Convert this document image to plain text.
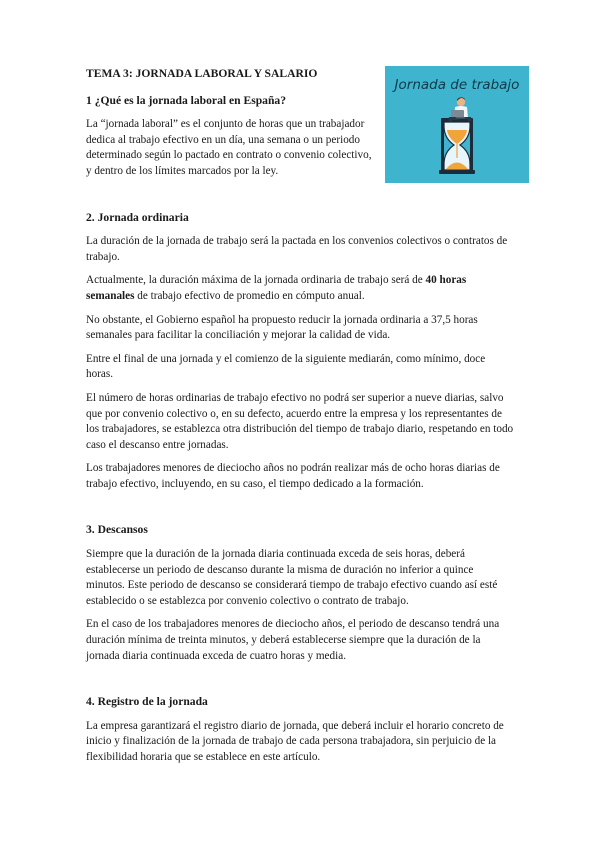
Jornada de trabajo
TEMA 3: JORNADA LABORAL Y SALARIO
1 ¿Qué es la jornada laboral en España?

La “jornada laboral” es el conjunto de horas que un trabajador dedica al trabajo efectivo en un día, una semana o un periodo determinado según lo pactado en contrato o convenio colectivo, y dentro de los límites marcados por la ley.

2. Jornada ordinaria

La duración de la jornada de trabajo será la pactada en los convenios colectivos o contratos de trabajo.

Actualmente, la duración máxima de la jornada ordinaria de trabajo será de 40 horas semanales de trabajo efectivo de promedio en cómputo anual.

No obstante, el Gobierno español ha propuesto reducir la jornada ordinaria a 37,5 horas semanales para facilitar la conciliación y mejorar la calidad de vida.

Entre el final de una jornada y el comienzo de la siguiente mediarán, como mínimo, doce horas.

El número de horas ordinarias de trabajo efectivo no podrá ser superior a nueve diarias, salvo que por convenio colectivo o, en su defecto, acuerdo entre la empresa y los representantes de los trabajadores, se establezca otra distribución del tiempo de trabajo diario, respetando en todo caso el descanso entre jornadas.

Los trabajadores menores de dieciocho años no podrán realizar más de ocho horas diarias de trabajo efectivo, incluyendo, en su caso, el tiempo dedicado a la formación.

3. Descansos

Siempre que la duración de la jornada diaria continuada exceda de seis horas, deberá establecerse un periodo de descanso durante la misma de duración no inferior a quince minutos. Este periodo de descanso se considerará tiempo de trabajo efectivo cuando así esté establecido o se establezca por convenio colectivo o contrato de trabajo.

En el caso de los trabajadores menores de dieciocho años, el periodo de descanso tendrá una duración mínima de treinta minutos, y deberá establecerse siempre que la duración de la jornada diaria continuada exceda de cuatro horas y media.

4. Registro de la jornada

La empresa garantizará el registro diario de jornada, que deberá incluir el horario concreto de inicio y finalización de la jornada de trabajo de cada persona trabajadora, sin perjuicio de la flexibilidad horaria que se establece en este artículo.
